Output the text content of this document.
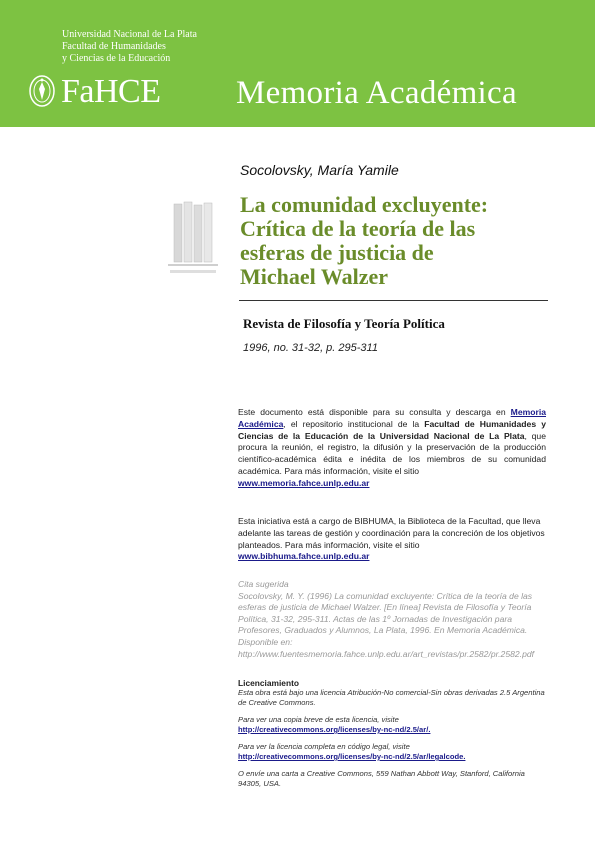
Universidad Nacional de La Plata
Facultad de Humanidades
y Ciencias de la Educación
FaHCE Memoria Académica
Socolovsky, María Yamile
La comunidad excluyente:
Crítica de la teoría de las
esferas de justicia de
Michael Walzer
Revista de Filosofía y Teoría Política
1996, no. 31-32, p. 295-311
Este documento está disponible para su consulta y descarga en Memoria Académica, el repositorio institucional de la Facultad de Humanidades y Ciencias de la Educación de la Universidad Nacional de La Plata, que procura la reunión, el registro, la difusión y la preservación de la producción científico-académica édita e inédita de los miembros de su comunidad académica. Para más información, visite el sitio
www.memoria.fahce.unlp.edu.ar
Esta iniciativa está a cargo de BIBHUMA, la Biblioteca de la Facultad, que lleva adelante las tareas de gestión y coordinación para la concreción de los objetivos planteados. Para más información, visite el sitio
www.bibhuma.fahce.unlp.edu.ar
Cita sugerida
Socolovsky, M. Y. (1996) La comunidad excluyente: Crítica de la teoría de las esferas de justicia de Michael Walzer. [En línea] Revista de Filosofía y Teoría Política, 31-32, 295-311. Actas de las 1º Jornadas de Investigación para Profesores, Graduados y Alumnos, La Plata, 1996. En Memoria Académica. Disponible en: http://www.fuentesmemoria.fahce.unlp.edu.ar/art_revistas/pr.2582/pr.2582.pdf
Licenciamiento
Esta obra está bajo una licencia Atribución-No comercial-Sin obras derivadas 2.5 Argentina de Creative Commons.
Para ver una copia breve de esta licencia, visite
http://creativecommons.org/licenses/by-nc-nd/2.5/ar/.
Para ver la licencia completa en código legal, visite
http://creativecommons.org/licenses/by-nc-nd/2.5/ar/legalcode.
O envíe una carta a Creative Commons, 559 Nathan Abbott Way, Stanford, California 94305, USA.
